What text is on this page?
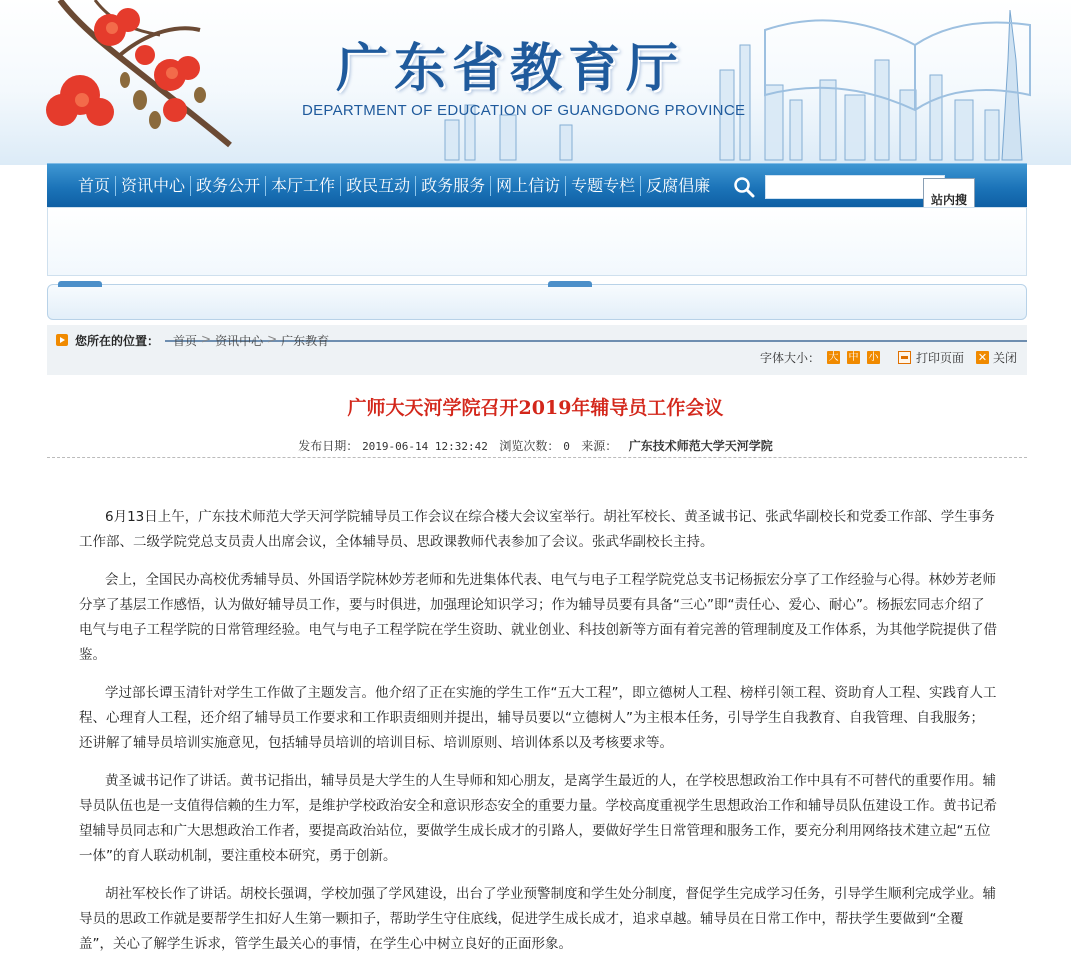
广东省教育厅
DEPARTMENT OF EDUCATION OF GUANGDONG PROVINCE
首页 资讯中心 政务公开 本厅工作 政民互动 政务服务 网上信访 专题专栏 反腐倡廉
站内搜
您所在的位置： 首页 > 资讯中心 > 广东教育
字体大小： 大 中 小	打印页面 ✕ 关闭
广师大天河学院召开2019年辅导员工作会议
发布日期： 2019-06-14 12:32:42 浏览次数： 0 来源： 广东技术师范大学天河学院

6月13日上午，广东技术师范大学天河学院辅导员工作会议在综合楼大会议室举行。胡社军校长、黄圣诚书记、张武华副校长和党委工作部、学生事务工作部、二级学院党总支员责人出席会议，全体辅导员、思政课教师代表参加了会议。张武华副校长主持。

会上，全国民办高校优秀辅导员、外国语学院林妙芳老师和先进集体代表、电气与电子工程学院党总支书记杨振宏分享了工作经验与心得。林妙芳老师分享了基层工作感悟，认为做好辅导员工作，要与时俱进，加强理论知识学习；作为辅导员要有具备“三心”即“责任心、爱心、耐心”。杨振宏同志介绍了电气与电子工程学院的日常管理经验。电气与电子工程学院在学生资助、就业创业、科技创新等方面有着完善的管理制度及工作体系，为其他学院提供了借鉴。

学过部长谭玉清针对学生工作做了主题发言。他介绍了正在实施的学生工作“五大工程”，即立德树人工程、榜样引领工程、资助育人工程、实践育人工程、心理育人工程，还介绍了辅导员工作要求和工作职责细则并提出，辅导员要以“立德树人”为主根本任务，引导学生自我教育、自我管理、自我服务；还讲解了辅导员培训实施意见，包括辅导员培训的培训目标、培训原则、培训体系以及考核要求等。

黄圣诚书记作了讲话。黄书记指出，辅导员是大学生的人生导师和知心朋友，是离学生最近的人，在学校思想政治工作中具有不可替代的重要作用。辅导员队伍也是一支值得信赖的生力军，是维护学校政治安全和意识形态安全的重要力量。学校高度重视学生思想政治工作和辅导员队伍建设工作。黄书记希望辅导员同志和广大思想政治工作者，要提高政治站位，要做学生成长成才的引路人，要做好学生日常管理和服务工作，要充分利用网络技术建立起“五位一体”的育人联动机制，要注重校本研究，勇于创新。

胡社军校长作了讲话。胡校长强调，学校加强了学风建设，出台了学业预警制度和学生处分制度，督促学生完成学习任务，引导学生顺利完成学业。辅导员的思政工作就是要帮学生扣好人生第一颗扣子，帮助学生守住底线，促进学生成长成才，追求卓越。辅导员在日常工作中，帮扶学生要做到“全覆盖”，关心了解学生诉求，管学生最关心的事情，在学生心中树立良好的正面形象。
